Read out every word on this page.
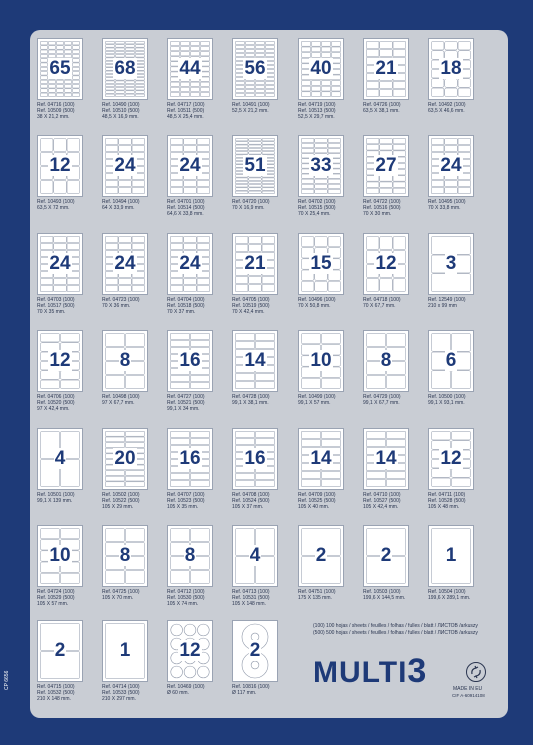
65
Ref. 04716 (100)
Ref. 10509 (500)
38 X 21,2 mm.
68
Ref. 10490 (100)
Ref. 10510 (500)
48,5 X 16,9 mm.
44
Ref. 04717 (100)
Ref. 10511 (500)
48,5 X 25,4 mm.
56
Ref. 10491 (100)
52,5 X 21,2 mm.
40
Ref. 04719 (100)
Ref. 10513 (500)
52,5 X 29,7 mm.
21
Ref. 04726 (100)
63,5 X 38,1 mm.
18
Ref. 10492 (100)
63,5 X 46,6 mm.
12
Ref. 10493 (100)
63,5 X 72 mm.
24
Ref. 10494 (100)
64 X 33,9 mm.
24
Ref. 04701 (100)
Ref. 10514 (500)
64,6 X 33,8 mm.
51
Ref. 04720 (100)
70 X 16,9 mm.
33
Ref. 04702 (100)
Ref. 10515 (500)
70 X 25,4 mm.
27
Ref. 04722 (100)
Ref. 10516 (500)
70 X 30 mm.
24
Ref. 10495 (100)
70 X 33,8 mm.
24
Ref. 04703 (100)
Ref. 10517 (500)
70 X 35 mm.
24
Ref. 04723 (100)
70 X 36 mm.
24
Ref. 04704 (100)
Ref. 10518 (500)
70 X 37 mm.
21
Ref. 04705 (100)
Ref. 10519 (500)
70 X 42,4 mm.
15
Ref. 10496 (100)
70 X 50,8 mm.
12
Ref. 04718 (100)
70 X 67,7 mm.
3
Ref. 12549 (100)
210 x 99 mm
12
Ref. 04706 (100)
Ref. 10520 (500)
97 X 42,4 mm.
8
Ref. 10498 (100)
97 X 67,7 mm.
16
Ref. 04727 (100)
Ref. 10521 (500)
99,1 X 34 mm.
14
Ref. 04728 (100)
99,1 X 38,1 mm.
10
Ref. 10499 (100)
99,1 X 57 mm.
8
Ref. 04729 (100)
99,1 X 67,7 mm.
6
Ref. 10500 (100)
99,1 X 93,1 mm.
4
Ref. 10501 (100)
99,1 X 139 mm.
20
Ref. 10502 (100)
Ref. 10522 (500)
105 X 29 mm.
16
Ref. 04707 (100)
Ref. 10523 (500)
105 X 35 mm.
16
Ref. 04708 (100)
Ref. 10524 (500)
105 X 37 mm.
14
Ref. 04709 (100)
Ref. 10525 (500)
105 X 40 mm.
14
Ref. 04710 (100)
Ref. 10527 (500)
105 X 42,4 mm.
12
Ref. 04711 (100)
Ref. 10528 (500)
105 X 48 mm.
10
Ref. 04724 (100)
Ref. 10529 (500)
105 X 57 mm.
8
Ref. 04725 (100)
105 X 70 mm.
8
Ref. 04712 (100)
Ref. 10530 (500)
105 X 74 mm.
4
Ref. 04713 (100)
Ref. 10531 (500)
105 X 148 mm.
2
Ref. 04751 (100)
175 X 135 mm.
2
Ref. 10503 (100)
199,6 X 144,5 mm.
1
Ref. 10504 (100)
199,6 X 289,1 mm.
2
Ref. 04715 (100)
Ref. 10532 (500)
210 X 148 mm.
1
Ref. 04714 (100)
Ref. 10533 (500)
210 X 297 mm.
12
Ref. 10469 (100)
Ø 60 mm.
2
Ref. 10816 (100)
Ø 117 mm.
CP 6656
(100) 100 hojas / sheets / feuilles / folhas / fulles / blatt / ЛИСТОВ /arkuszy
(500) 500 hojas / sheets / feuilles / folhas / fulles / blatt / ЛИСТОВ /arkuszy
MULTI3	MADE IN EU
CIF A-60914108
